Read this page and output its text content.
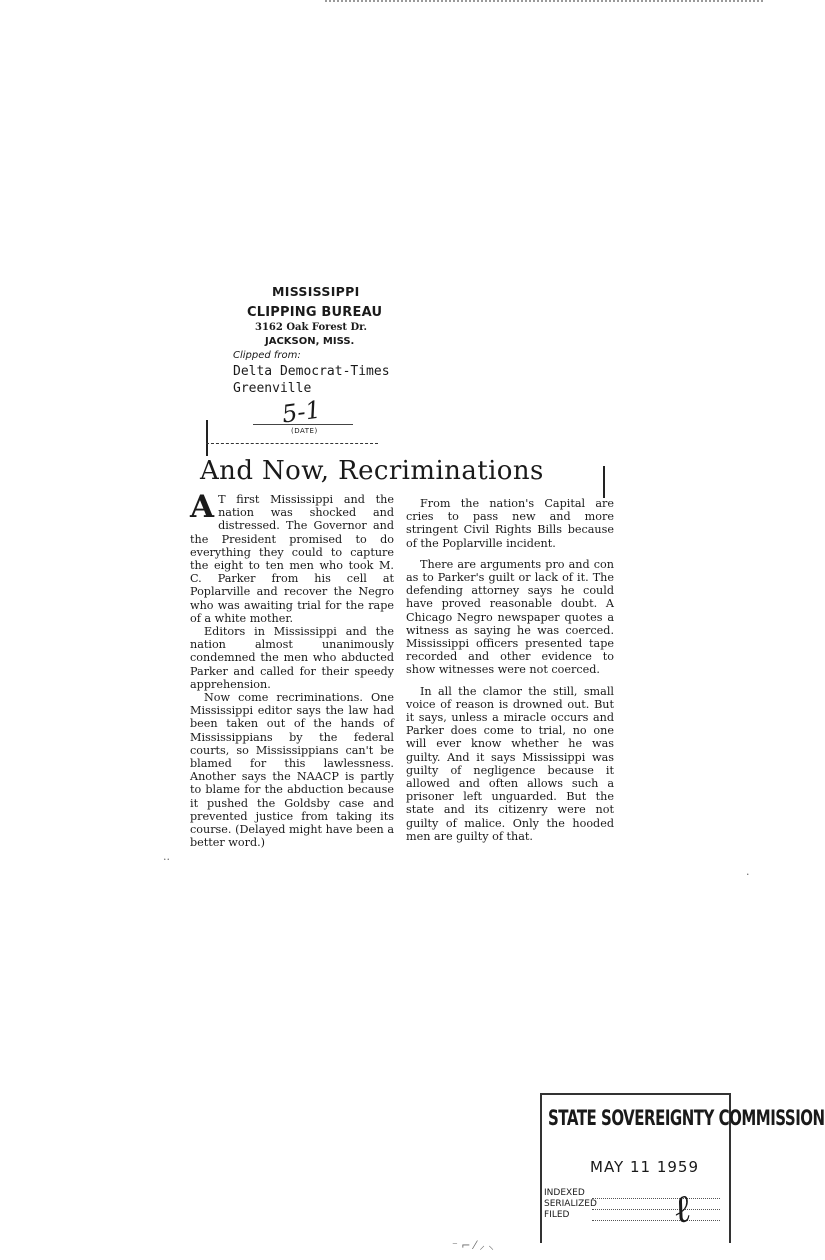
MISSISSIPPI
CLIPPING BUREAU
3162 Oak Forest Dr.
JACKSON, MISS.
Clipped from:
Delta Democrat-Times
Greenville
5-1
(DATE)
And Now, Recriminations

A T first Mississippi and the nation was shocked and distressed. The Governor and the President promised to do everything they could to capture the eight to ten men who took M. C. Parker from his cell at Poplarville and recover the Negro who was awaiting trial for the rape of a white mother.

Editors in Mississippi and the nation almost unanimously condemned the men who abducted Parker and called for their speedy apprehension.

Now come recriminations. One Mississippi editor says the law had been taken out of the hands of Mississippians by the federal courts, so Mississippians can't be blamed for this lawlessness. Another says the NAACP is partly to blame for the abduction because it pushed the Goldsby case and prevented justice from taking its course. (Delayed might have been a better word.)

From the nation's Capital are cries to pass new and more stringent Civil Rights Bills because of the Poplarville incident.

There are arguments pro and con as to Parker's guilt or lack of it. The defending attorney says he could have proved reasonable doubt. A Chicago Negro newspaper quotes a witness as saying he was coerced. Mississippi officers presented tape recorded and other evidence to show witnesses were not coerced.

In all the clamor the still, small voice of reason is drowned out. But it says, unless a miracle occurs and Parker does come to trial, no one will ever know whether he was guilty. And it says Mississippi was guilty of negligence because it allowed and often allows such a prisoner left unguarded. But the state and its citizenry were not guilty of malice. Only the hooded men are guilty of that.

STATE SOVEREIGNTY COMMISSION
MAY 11 1959
INDEXED
SERIALIZED
FILED	ℓ
..
⁻ ⌐ ⁄ ⸝ ⸜
·
